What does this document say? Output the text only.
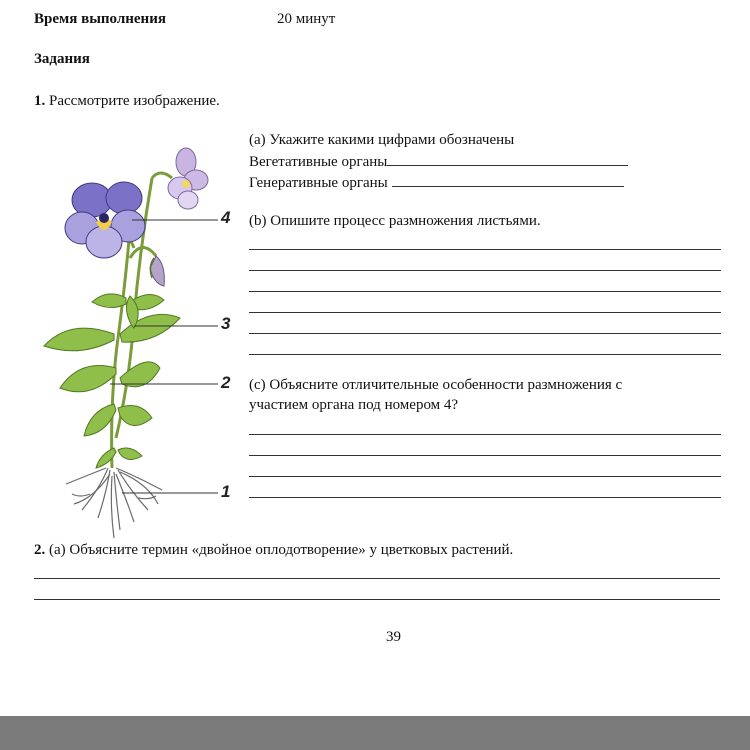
Время выполнения	20 минут
Задания
1. Рассмотрите изображение.
4
3
2
1
(a) Укажите какими цифрами обозначены
Вегетативные органы
Генеративные органы
(b) Опишите процесс размножения листьями.
(c) Объясните отличительные особенности размножения с
участием органа под номером 4?
2. (a) Объясните термин «двойное оплодотворение» у цветковых растений.
39
